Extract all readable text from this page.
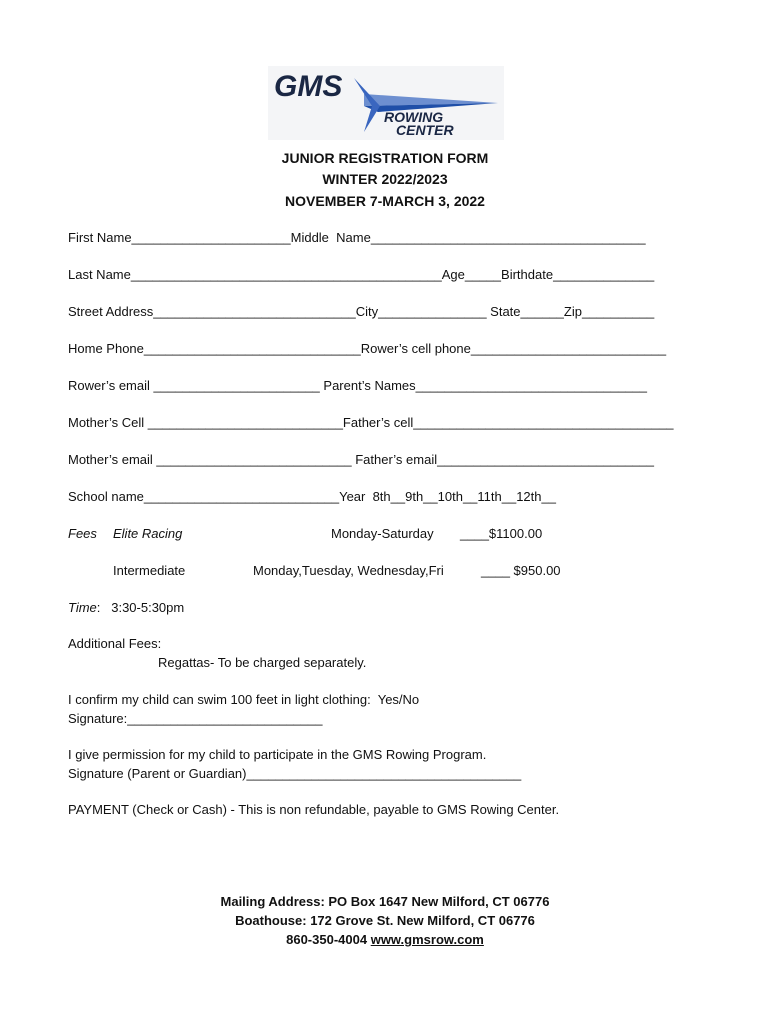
GMS
ROWING
CENTER
JUNIOR REGISTRATION FORM
WINTER 2022/2023
NOVEMBER 7-MARCH 3, 2022
First Name______________________Middle  Name______________________________________
Last Name___________________________________________Age_____Birthdate______________
Street Address____________________________City_______________ State______Zip__________
Home Phone______________________________Rower’s cell phone___________________________
Rower’s email _______________________ Parent’s Names________________________________
Mother’s Cell ___________________________Father’s cell____________________________________
Mother’s email ___________________________ Father’s email______________________________
School name___________________________Year  8th__9th__10th__11th__12th__
Fees Elite Racing	Monday-Saturday ____$1100.00
Intermediate	Monday,Tuesday, Wednesday,Fri	____ $950.00
Time:   3:30-5:30pm
Additional Fees:
Regattas- To be charged separately.
I confirm my child can swim 100 feet in light clothing:  Yes/No
Signature:___________________________
I give permission for my child to participate in the GMS Rowing Program.
Signature (Parent or Guardian)______________________________________
PAYMENT (Check or Cash) - This is non refundable, payable to GMS Rowing Center.
Mailing Address: PO Box 1647 New Milford, CT 06776
Boathouse: 172 Grove St. New Milford, CT 06776
860-350-4004 www.gmsrow.com
